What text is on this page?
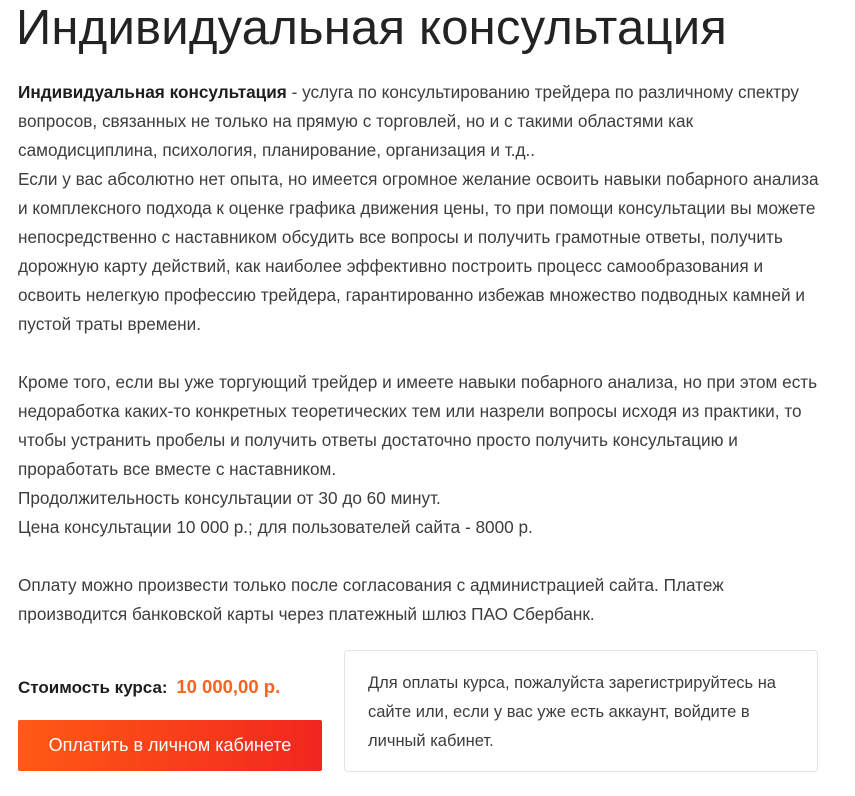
Индивидуальная консультация

Индивидуальная консультация - услуга по консультированию трейдера по различному спектру вопросов, связанных не только на прямую с торговлей, но и с такими областями как самодисциплина, психология, планирование, организация и т.д..

Если у вас абсолютно нет опыта, но имеется огромное желание освоить навыки побарного анализа и комплексного подхода к оценке графика движения цены, то при помощи консультации вы можете непосредственно с наставником обсудить все вопросы и получить грамотные ответы, получить дорожную карту действий, как наиболее эффективно построить процесс самообразования и освоить нелегкую профессию трейдера, гарантированно избежав множество подводных камней и пустой траты времени.

Кроме того, если вы уже торгующий трейдер и имеете навыки побарного анализа, но при этом есть недоработка каких-то конкретных теоретических тем или назрели вопросы исходя из практики, то чтобы устранить пробелы и получить ответы достаточно просто получить консультацию и проработать все вместе с наставником.

Продолжительность консультации от 30 до 60 минут.

Цена консультации 10 000 р.; для пользователей сайта - 8000 р.

Оплату можно произвести только после согласования с администрацией сайта. Платеж производится банковской карты через платежный шлюз ПАО Сбербанк.

Стоимость курса: 10 000,00 р.
Оплатить в личном кабинете
Для оплаты курса, пожалуйста зарегистрируйтесь на сайте или, если у вас уже есть аккаунт, войдите в личный кабинет.
